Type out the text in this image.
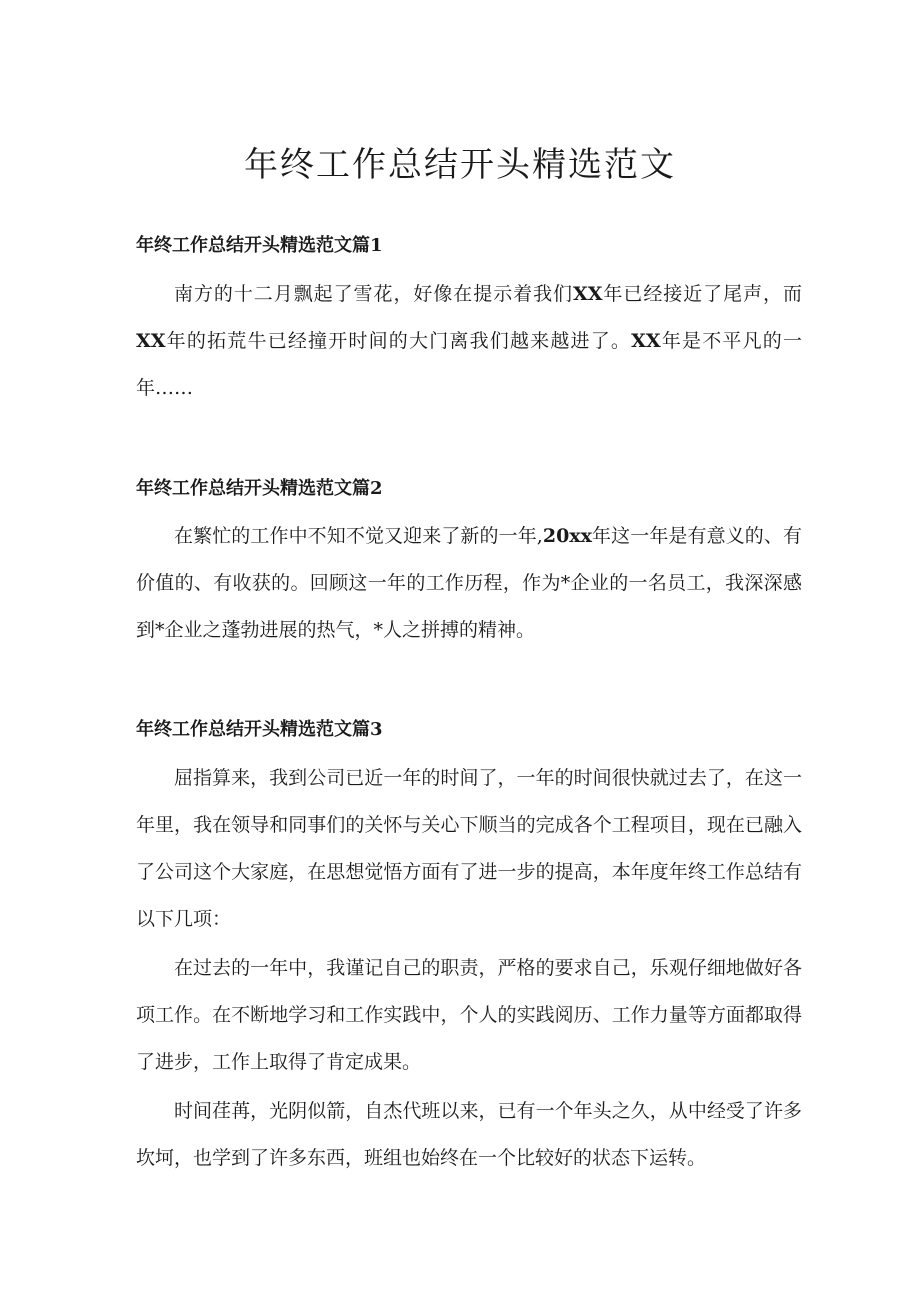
年终工作总结开头精选范文
年终工作总结开头精选范文篇1

南方的十二月飘起了雪花，好像在提示着我们XX年已经接近了尾声，而XX年的拓荒牛已经撞开时间的大门离我们越来越进了。XX年是不平凡的一年……

年终工作总结开头精选范文篇2

在繁忙的工作中不知不觉又迎来了新的一年,20xx年这一年是有意义的、有价值的、有收获的。回顾这一年的工作历程，作为*企业的一名员工，我深深感到*企业之蓬勃进展的热气，*人之拼搏的精神。

年终工作总结开头精选范文篇3

屈指算来，我到公司已近一年的时间了，一年的时间很快就过去了，在这一年里，我在领导和同事们的关怀与关心下顺当的完成各个工程项目，现在已融入了公司这个大家庭，在思想觉悟方面有了进一步的提高，本年度年终工作总结有以下几项：

在过去的一年中，我谨记自己的职责，严格的要求自己，乐观仔细地做好各项工作。在不断地学习和工作实践中，个人的实践阅历、工作力量等方面都取得了进步，工作上取得了肯定成果。

时间荏苒，光阴似箭，自杰代班以来，已有一个年头之久，从中经受了许多坎坷，也学到了许多东西，班组也始终在一个比较好的状态下运转。
